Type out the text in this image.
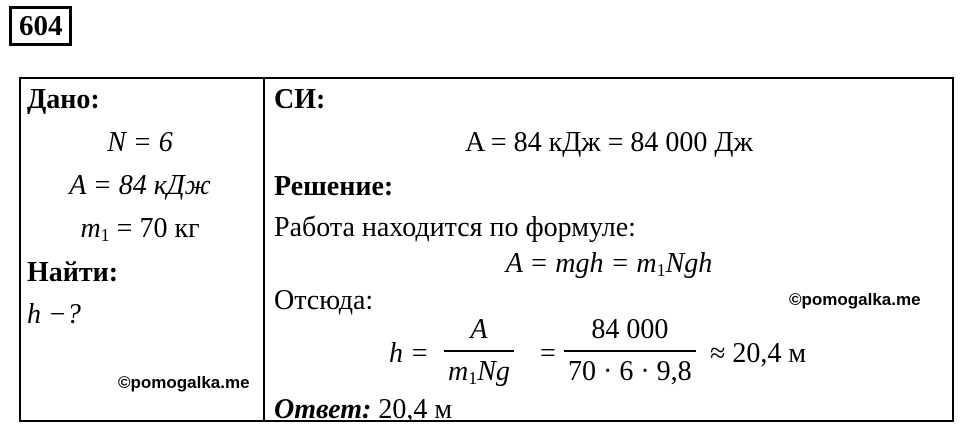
604
Дано:
N = 6
A = 84 кДж
$m_1 = 70$ кг
Найти:
h −?
©pomogalka.me
СИ:
A = 84 кДж = 84 000 Дж
Решение:
Работа находится по формуле:
A = mgh = $m_1Ngh$
Отсюда:	©pomogalka.me
h =
A
$m_1Ng$
=
84 000
70 · 6 · 9,8
≈ 20,4 м
Ответ: 20,4 м
